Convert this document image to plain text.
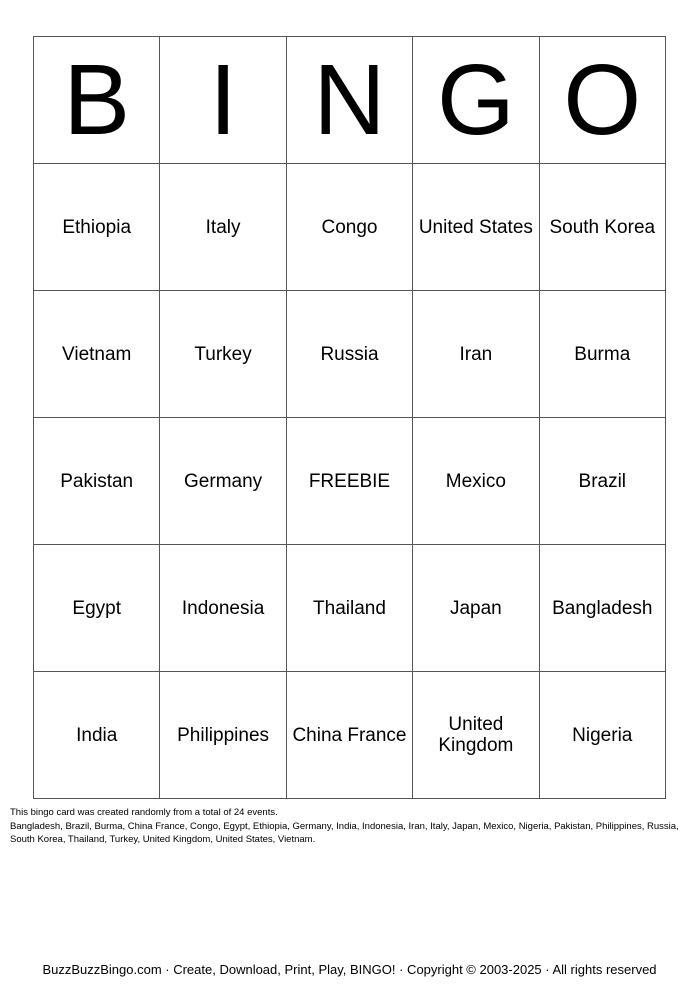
B	I	N	G	O
Ethiopia	Italy	Congo	United States	South Korea
Vietnam	Turkey	Russia	Iran	Burma
Pakistan	Germany	FREEBIE	Mexico	Brazil
Egypt	Indonesia	Thailand	Japan	Bangladesh
India	Philippines	China France	United Kingdom	Nigeria

This bingo card was created randomly from a total of 24 events.

Bangladesh, Brazil, Burma, China France, Congo, Egypt, Ethiopia, Germany, India, Indonesia, Iran, Italy, Japan, Mexico, Nigeria, Pakistan, Philippines, Russia, South Korea, Thailand, Turkey, United Kingdom, United States, Vietnam.

BuzzBuzzBingo.com · Create, Download, Print, Play, BINGO! · Copyright © 2003-2025 · All rights reserved
